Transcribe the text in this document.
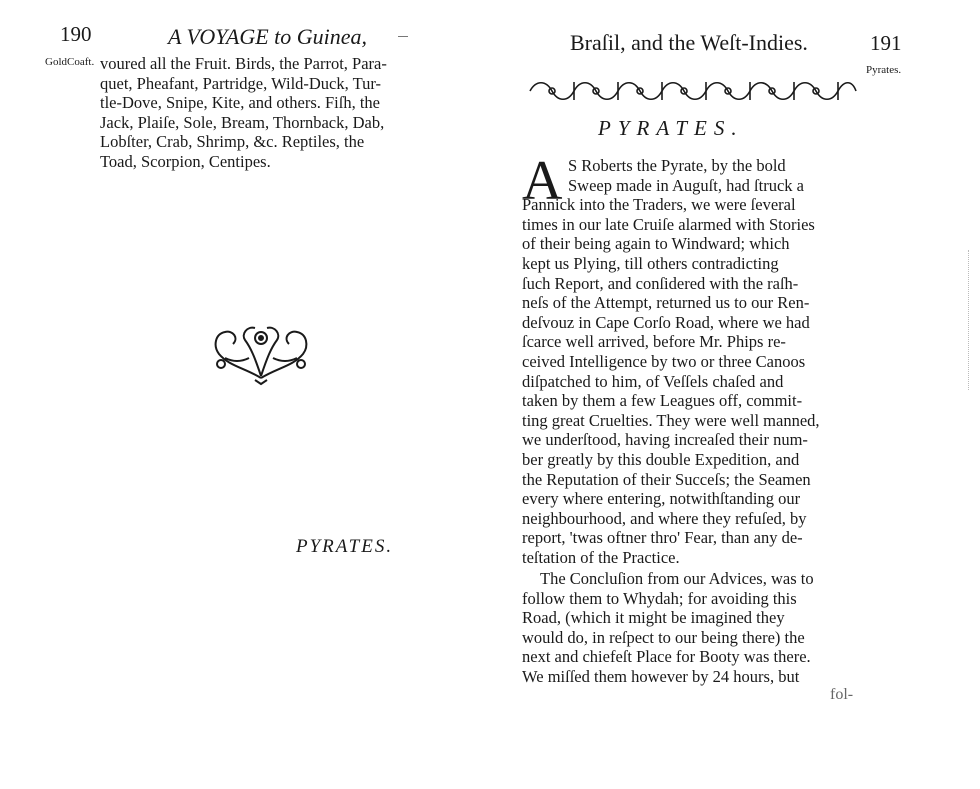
190	A VOYAGE to Guinea,
GoldCoaft. voured all the Fruit. Birds, the Parrot, Para-
quet, Pheafant, Partridge, Wild-Duck, Tur-
tle-Dove, Snipe, Kite, and others. Fiſh, the
Jack, Plaiſe, Sole, Bream, Thornback, Dab,
Lobſter, Crab, Shrimp, &c. Reptiles, the
Toad, Scorpion, Centipes.
PYRATES.
Braſil, and the Weſt-Indies.	191
Pyrates.
PYRATES.
A S Roberts the Pyrate, by the bold
Sweep made in Auguſt, had ſtruck a
Pannick into the Traders, we were ſeveral
times in our late Cruiſe alarmed with Stories
of their being again to Windward; which
kept us Plying, till others contradicting
ſuch Report, and conſidered with the raſh-
neſs of the Attempt, returned us to our Ren-
deſvouz in Cape Corſo Road, where we had
ſcarce well arrived, before Mr. Phips re-
ceived Intelligence by two or three Canoos
diſpatched to him, of Veſſels chaſed and
taken by them a few Leagues off, commit-
ting great Cruelties. They were well manned,
we underſtood, having increaſed their num-
ber greatly by this double Expedition, and
the Reputation of their Succeſs; the Seamen
every where entering, notwithſtanding our
neighbourhood, and where they refuſed, by
report, 'twas oftner thro' Fear, than any de-
teſtation of the Practice.
The Concluſion from our Advices, was to
follow them to Whydah; for avoiding this
Road, (which it might be imagined they
would do, in reſpect to our being there) the
next and chiefeſt Place for Booty was there.
We miſſed them however by 24 hours, but
fol-
